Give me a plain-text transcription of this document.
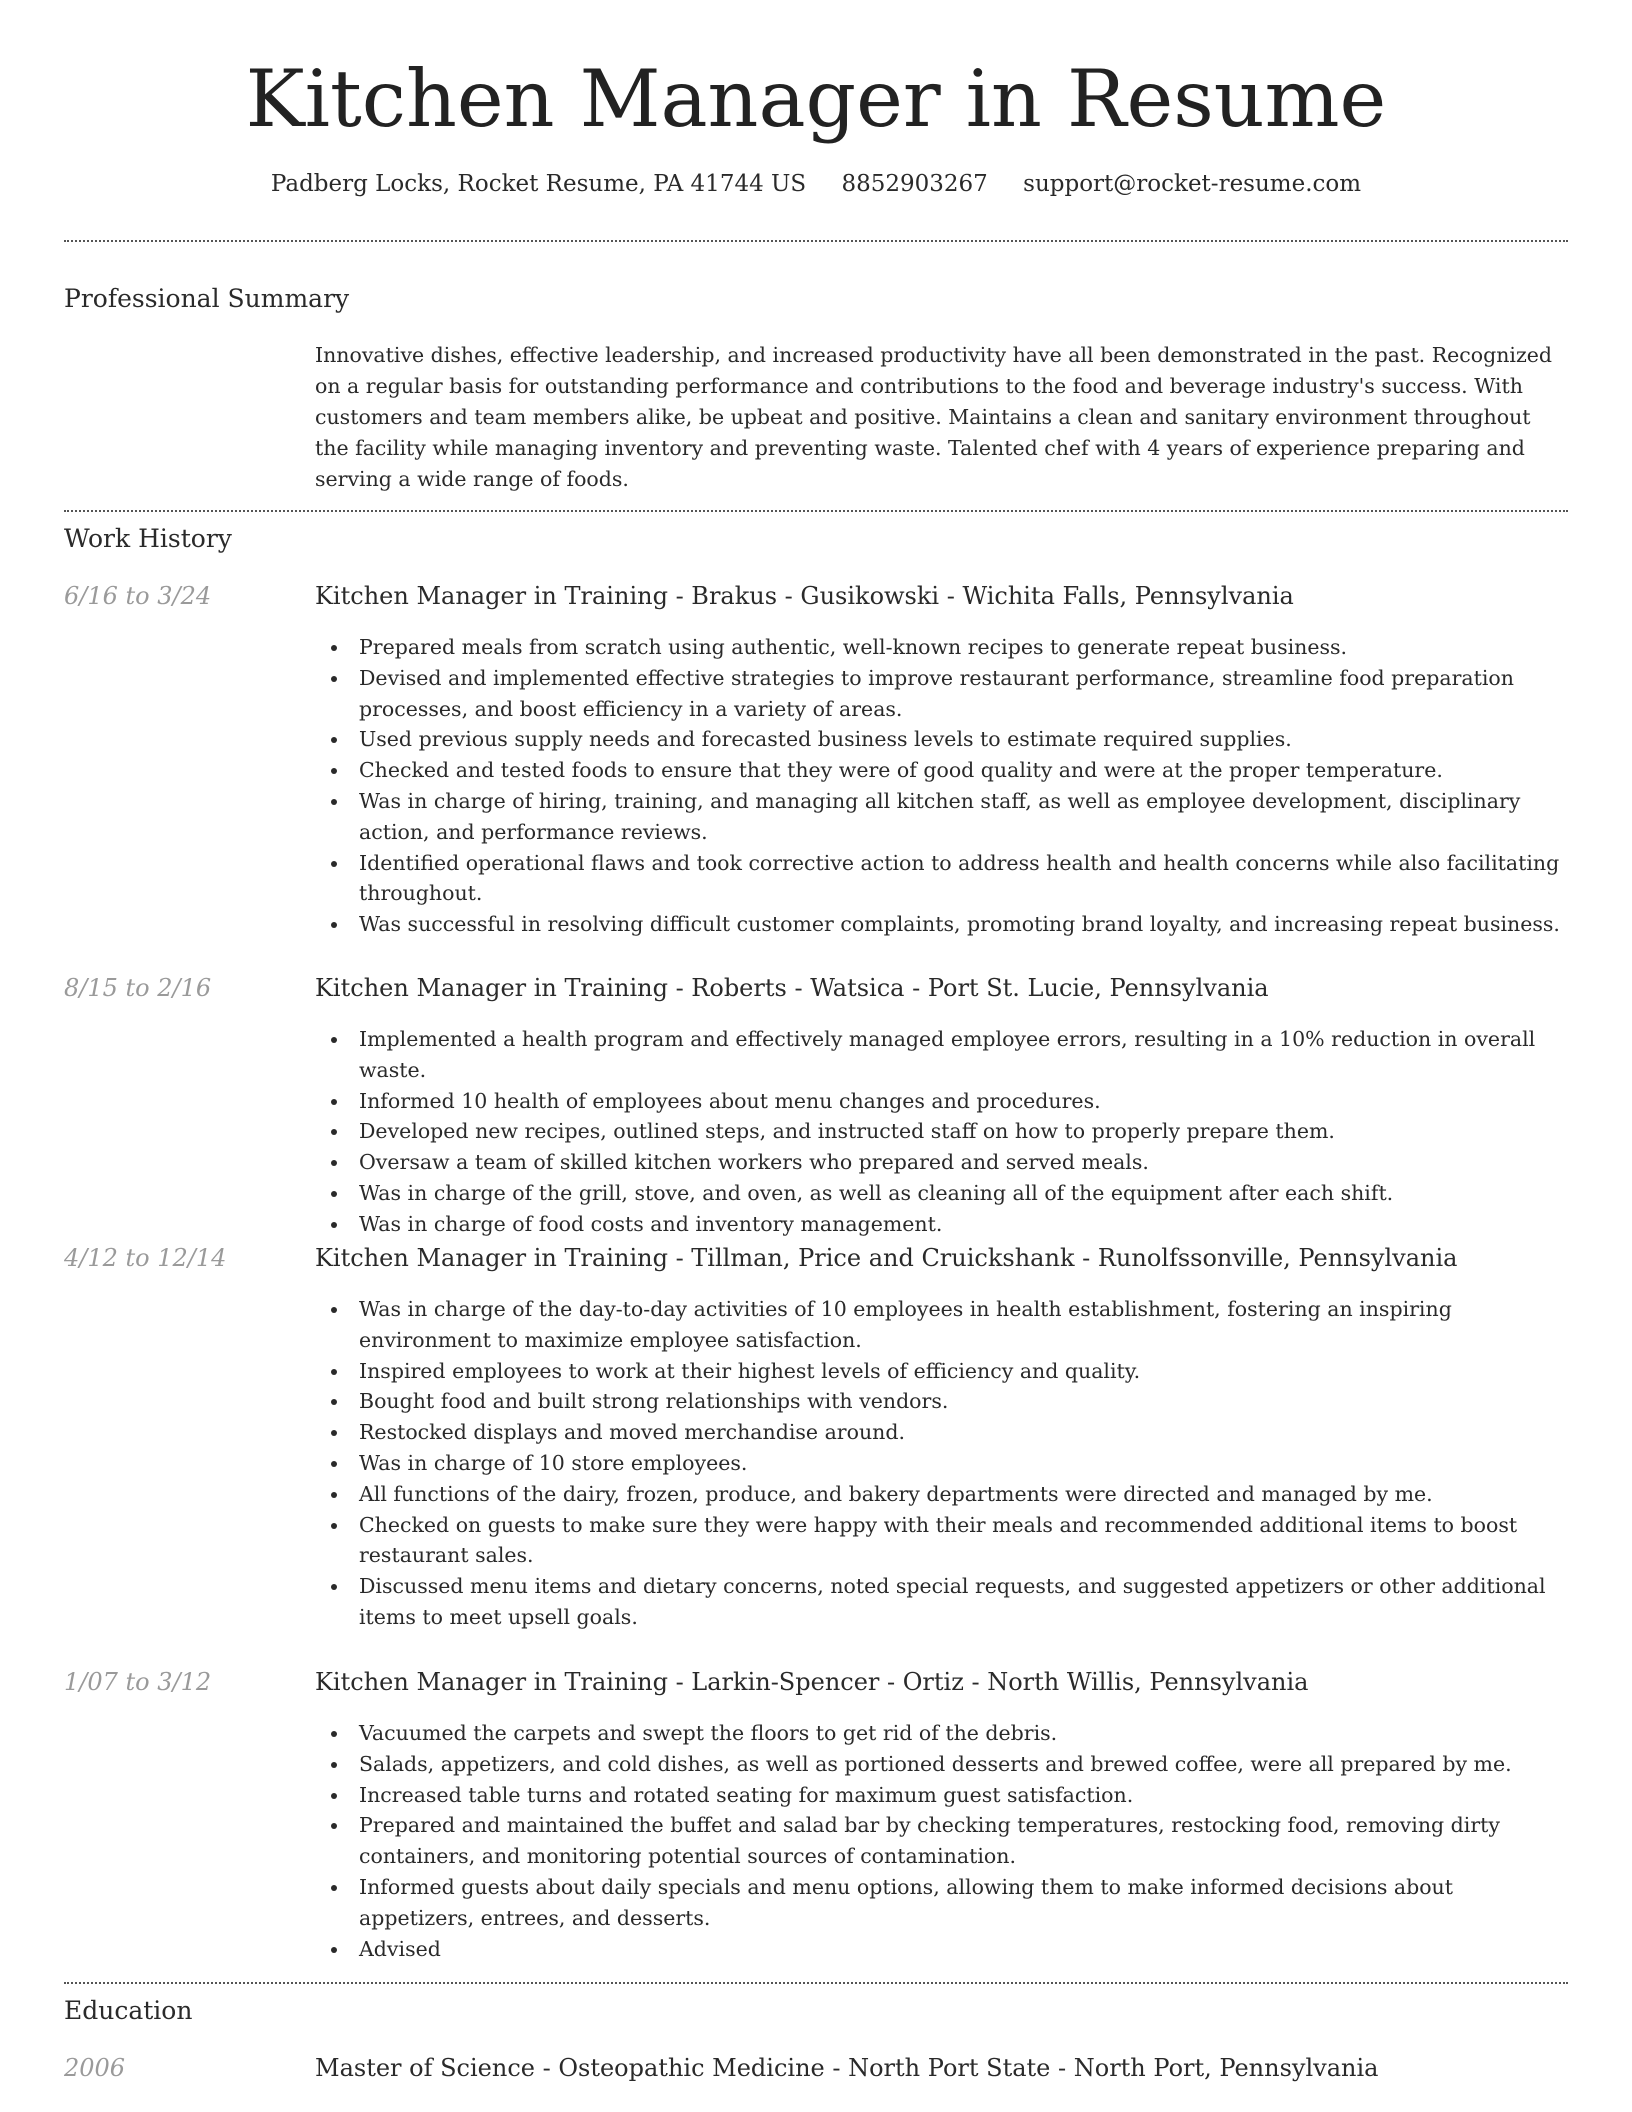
Kitchen Manager in Resume
Padberg Locks, Rocket Resume, PA 41744 US 8852903267 support@rocket-resume.com
Professional Summary

Innovative dishes, effective leadership, and increased productivity have all been demonstrated in the past. Recognized on a regular basis for outstanding performance and contributions to the food and beverage industry's success. With customers and team members alike, be upbeat and positive. Maintains a clean and sanitary environment throughout the facility while managing inventory and preventing waste. Talented chef with 4 years of experience preparing and serving a wide range of foods.

Work History
6/16 to 3/24	Kitchen Manager in Training - Brakus - Gusikowski - Wichita Falls, Pennsylvania
Prepared meals from scratch using authentic, well-known recipes to generate repeat business.
Devised and implemented effective strategies to improve restaurant performance, streamline food preparation processes, and boost efficiency in a variety of areas.
Used previous supply needs and forecasted business levels to estimate required supplies.
Checked and tested foods to ensure that they were of good quality and were at the proper temperature.
Was in charge of hiring, training, and managing all kitchen staff, as well as employee development, disciplinary action, and performance reviews.
Identified operational flaws and took corrective action to address health and health concerns while also facilitating throughout.
Was successful in resolving difficult customer complaints, promoting brand loyalty, and increasing repeat business.
8/15 to 2/16	Kitchen Manager in Training - Roberts - Watsica - Port St. Lucie, Pennsylvania
Implemented a health program and effectively managed employee errors, resulting in a 10% reduction in overall waste.
Informed 10 health of employees about menu changes and procedures.
Developed new recipes, outlined steps, and instructed staff on how to properly prepare them.
Oversaw a team of skilled kitchen workers who prepared and served meals.
Was in charge of the grill, stove, and oven, as well as cleaning all of the equipment after each shift.
Was in charge of food costs and inventory management.
4/12 to 12/14	Kitchen Manager in Training - Tillman, Price and Cruickshank - Runolfssonville, Pennsylvania
Was in charge of the day-to-day activities of 10 employees in health establishment, fostering an inspiring environment to maximize employee satisfaction.
Inspired employees to work at their highest levels of efficiency and quality.
Bought food and built strong relationships with vendors.
Restocked displays and moved merchandise around.
Was in charge of 10 store employees.
All functions of the dairy, frozen, produce, and bakery departments were directed and managed by me.
Checked on guests to make sure they were happy with their meals and recommended additional items to boost restaurant sales.
Discussed menu items and dietary concerns, noted special requests, and suggested appetizers or other additional items to meet upsell goals.
1/07 to 3/12	Kitchen Manager in Training - Larkin-Spencer - Ortiz - North Willis, Pennsylvania
Vacuumed the carpets and swept the floors to get rid of the debris.
Salads, appetizers, and cold dishes, as well as portioned desserts and brewed coffee, were all prepared by me.
Increased table turns and rotated seating for maximum guest satisfaction.
Prepared and maintained the buffet and salad bar by checking temperatures, restocking food, removing dirty containers, and monitoring potential sources of contamination.
Informed guests about daily specials and menu options, allowing them to make informed decisions about appetizers, entrees, and desserts.
Advised
Education
2006	Master of Science - Osteopathic Medicine - North Port State - North Port, Pennsylvania
